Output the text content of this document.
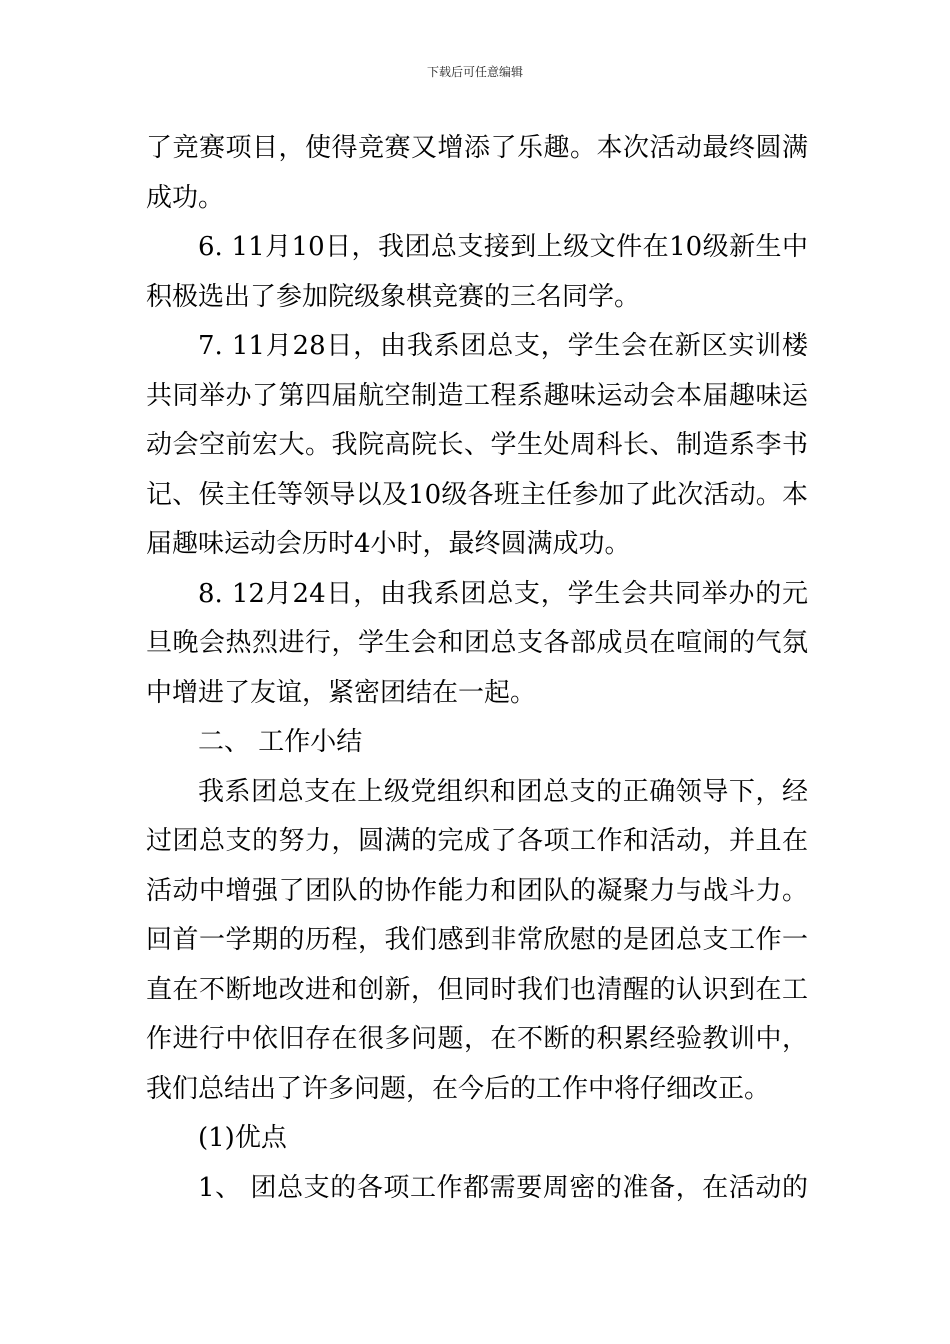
下载后可任意编辑
了竞赛项目，使得竞赛又增添了乐趣。本次活动最终圆满
成功。
6. 11月10日，我团总支接到上级文件在10级新生中
积极选出了参加院级象棋竞赛的三名同学。
7. 11月28日，由我系团总支，学生会在新区实训楼
共同举办了第四届航空制造工程系趣味运动会本届趣味运
动会空前宏大。我院高院长、学生处周科长、制造系李书
记、侯主任等领导以及10级各班主任参加了此次活动。本
届趣味运动会历时4小时，最终圆满成功。
8. 12月24日，由我系团总支，学生会共同举办的元
旦晚会热烈进行，学生会和团总支各部成员在喧闹的气氛
中增进了友谊，紧密团结在一起。
二、 工作小结
我系团总支在上级党组织和团总支的正确领导下，经
过团总支的努力，圆满的完成了各项工作和活动，并且在
活动中增强了团队的协作能力和团队的凝聚力与战斗力。
回首一学期的历程，我们感到非常欣慰的是团总支工作一
直在不断地改进和创新，但同时我们也清醒的认识到在工
作进行中依旧存在很多问题，在不断的积累经验教训中，
我们总结出了许多问题，在今后的工作中将仔细改正。
(1)优点
1、 团总支的各项工作都需要周密的准备，在活动的
